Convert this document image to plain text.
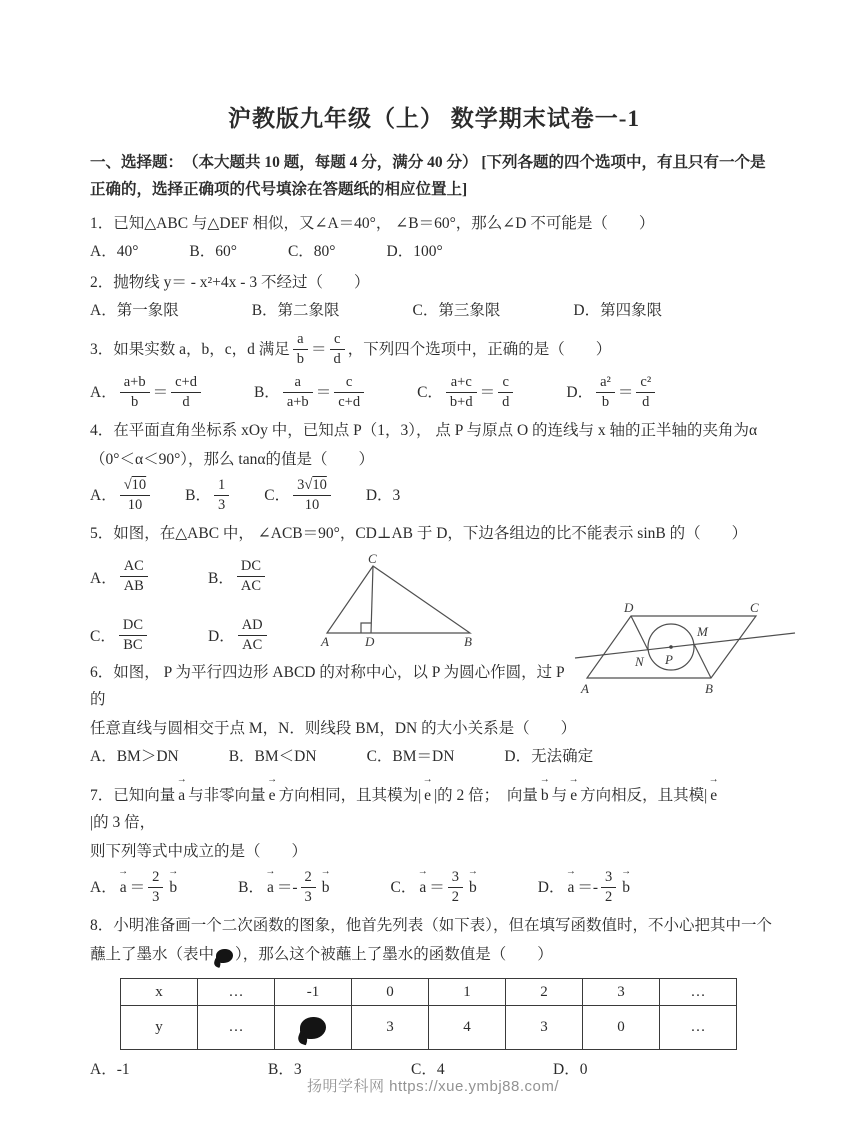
沪教版九年级（上） 数学期末试卷一-1
一、选择题：　（本大题共 10 题，每题 4 分，满分 40 分） [下列各题的四个选项中，有且只有一个是正确的，选择正确项的代号填涂在答题纸的相应位置上]
1．已知△ABC 与△DEF 相似，又∠A＝40°， ∠B＝60°，那么∠D 不可能是（　　）
A．40°	B．60°	C．80°	D．100°
2．抛物线 y＝ - x²+4x - 3 不经过（　　）
A．第一象限	B．第二象限	C．第三象限	D．第四象限
3．如果实数 a，b，c，d 满足 $\frac{a}{b} = \frac{c}{d}$ ，下列四个选项中，正确的是（　　）
A． $\frac{a+b}{b} = \frac{c+d}{d}$	B． $\frac{a}{a+b} = \frac{c}{c+d}$	C． $\frac{a+c}{b+d} = \frac{c}{d}$	D． $\frac{\text{a²}}{b} = \frac{\text{c²}}{d}$
4．在平面直角坐标系 xOy 中，已知点 P（1，3）， 点 P 与原点 O 的连线与 x 轴的正半轴的夹角为α
（0°＜α＜90°），那么 tanα的值是（　　）
A． $\frac{√10}{10}$ B． $\frac{1}{3}$ C． $\frac{3√10}{10}$ D． 3
5．如图，在△ABC 中， ∠ACB＝90°，CD⊥AB 于 D，下边各组边的比不能表示 sinB 的（　　）
A． $\frac{AC}{AB}$	B． $\frac{DC}{AC}$
C． $\frac{DC}{BC}$	D． $\frac{AD}{AC}$	A	D	B
C
6．如图， P 为平行四边形 ABCD 的对称中心，以 P 为圆心作圆，过 P 的
任意直线与圆相交于点 M，N．则线段 BM，DN 的大小关系是（　　）
A．BM＞DN	B．BM＜DN	C．BM＝DN	D．无法确定
A	B
C
D
M
N P
7．已知向量 → a 与非零向量 → e 方向相同，且其模为| → e |的 2 倍；　向量 → b 与 → e 方向相反，且其模| → e
|的 3 倍，
则下列等式中成立的是（　　）
A． → $a = \frac{2}{3} \to b$	B． → $a =- \frac{2}{3} \to b$	C． → $a = \frac{3}{2} \to b$	D． → $a =- \frac{3}{2} \to b$
8．小明准备画一个二次函数的图象，他首先列表（如下表），但在填写函数值时，不小心把其中一个
蘸上了墨水（表中 ），那么这个被蘸上了墨水的函数值是（　　）
x	…	-1	0	1	2	3	…
y	…		3	4	3	0	…
A．-1	B．3	C．4	D．0
扬明学科网 https://xue.ymbj88.com/
